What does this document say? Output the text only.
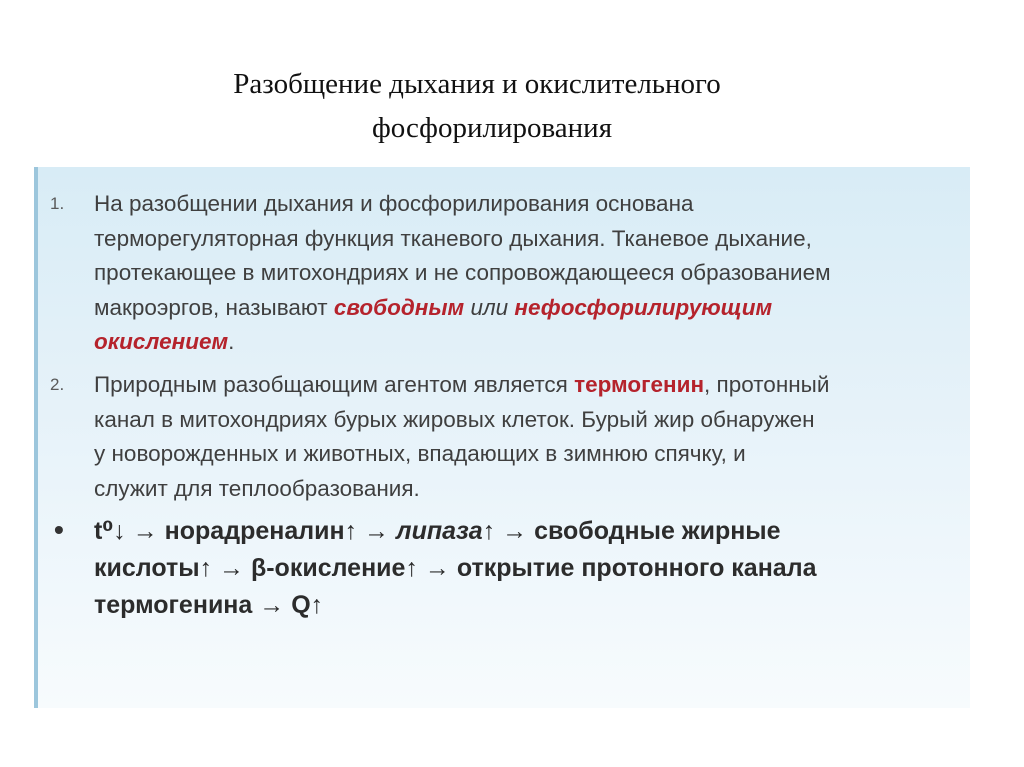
Разобщение дыхания и окислительного
фосфорилирования
1. На разобщении дыхания и фосфорилирования основана
терморегуляторная функция тканевого дыхания. Тканевое дыхание,
протекающее в митохондриях и не сопровождающееся образованием
макроэргов, называют свободным или нефосфорилирующим
окислением.
2. Природным разобщающим агентом является термогенин, протонный
канал в митохондриях бурых жировых клеток. Бурый жир обнаружен
у новорожденных и животных, впадающих в зимнюю спячку, и
служит для теплообразования.
• t⁰↓ → норадреналин↑ → липаза↑ → свободные жирные
кислоты↑ → β-окисление↑ → открытие протонного канала
термогенина → Q↑
